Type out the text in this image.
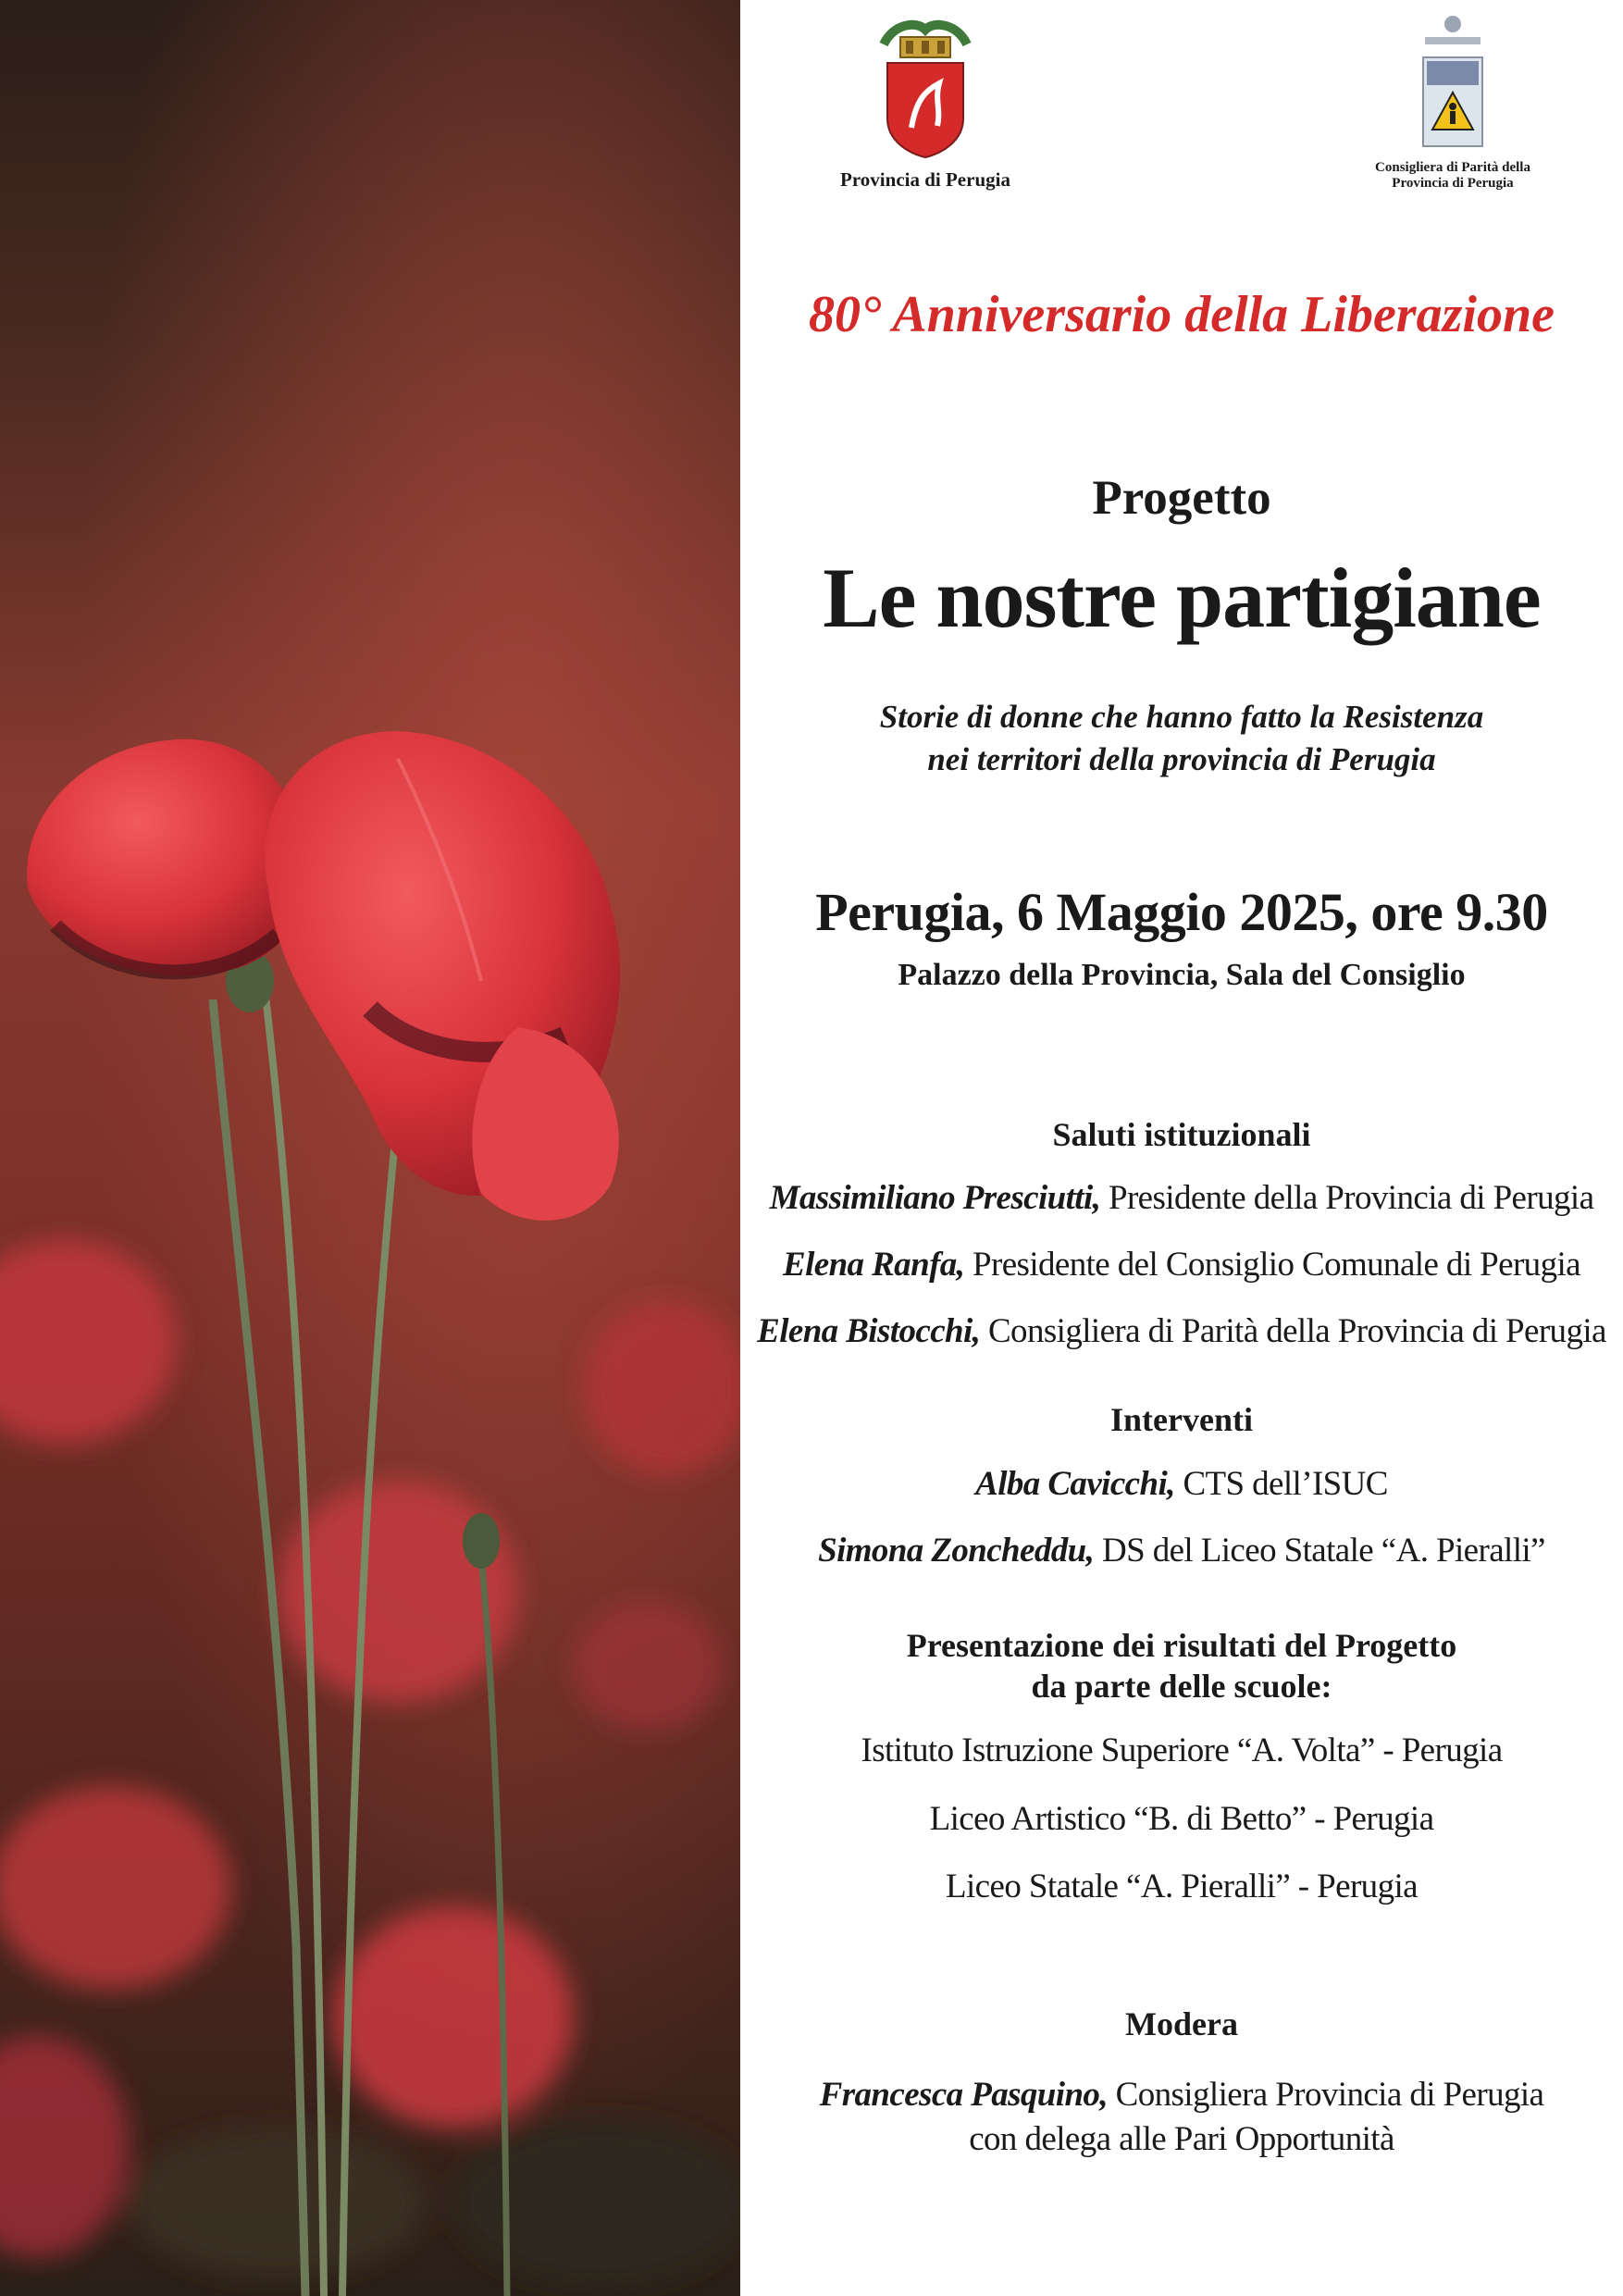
Provincia di Perugia
Consigliera di Parità della
Provincia di Perugia
80° Anniversario della Liberazione
Progetto
Le nostre partigiane
Storie di donne che hanno fatto la Resistenza
nei territori della provincia di Perugia
Perugia, 6 Maggio 2025, ore 9.30
Palazzo della Provincia, Sala del Consiglio
Saluti istituzionali
Massimiliano Presciutti, Presidente della Provincia di Perugia
Elena Ranfa, Presidente del Consiglio Comunale di Perugia
Elena Bistocchi, Consigliera di Parità della Provincia di Perugia
Interventi
Alba Cavicchi, CTS dell’ISUC
Simona Zoncheddu, DS del Liceo Statale “A. Pieralli”
Presentazione dei risultati del Progetto
da parte delle scuole:
Istituto Istruzione Superiore “A. Volta” - Perugia
Liceo Artistico “B. di Betto” - Perugia
Liceo Statale “A. Pieralli” - Perugia
Modera
Francesca Pasquino, Consigliera Provincia di Perugia
con delega alle Pari Opportunità
